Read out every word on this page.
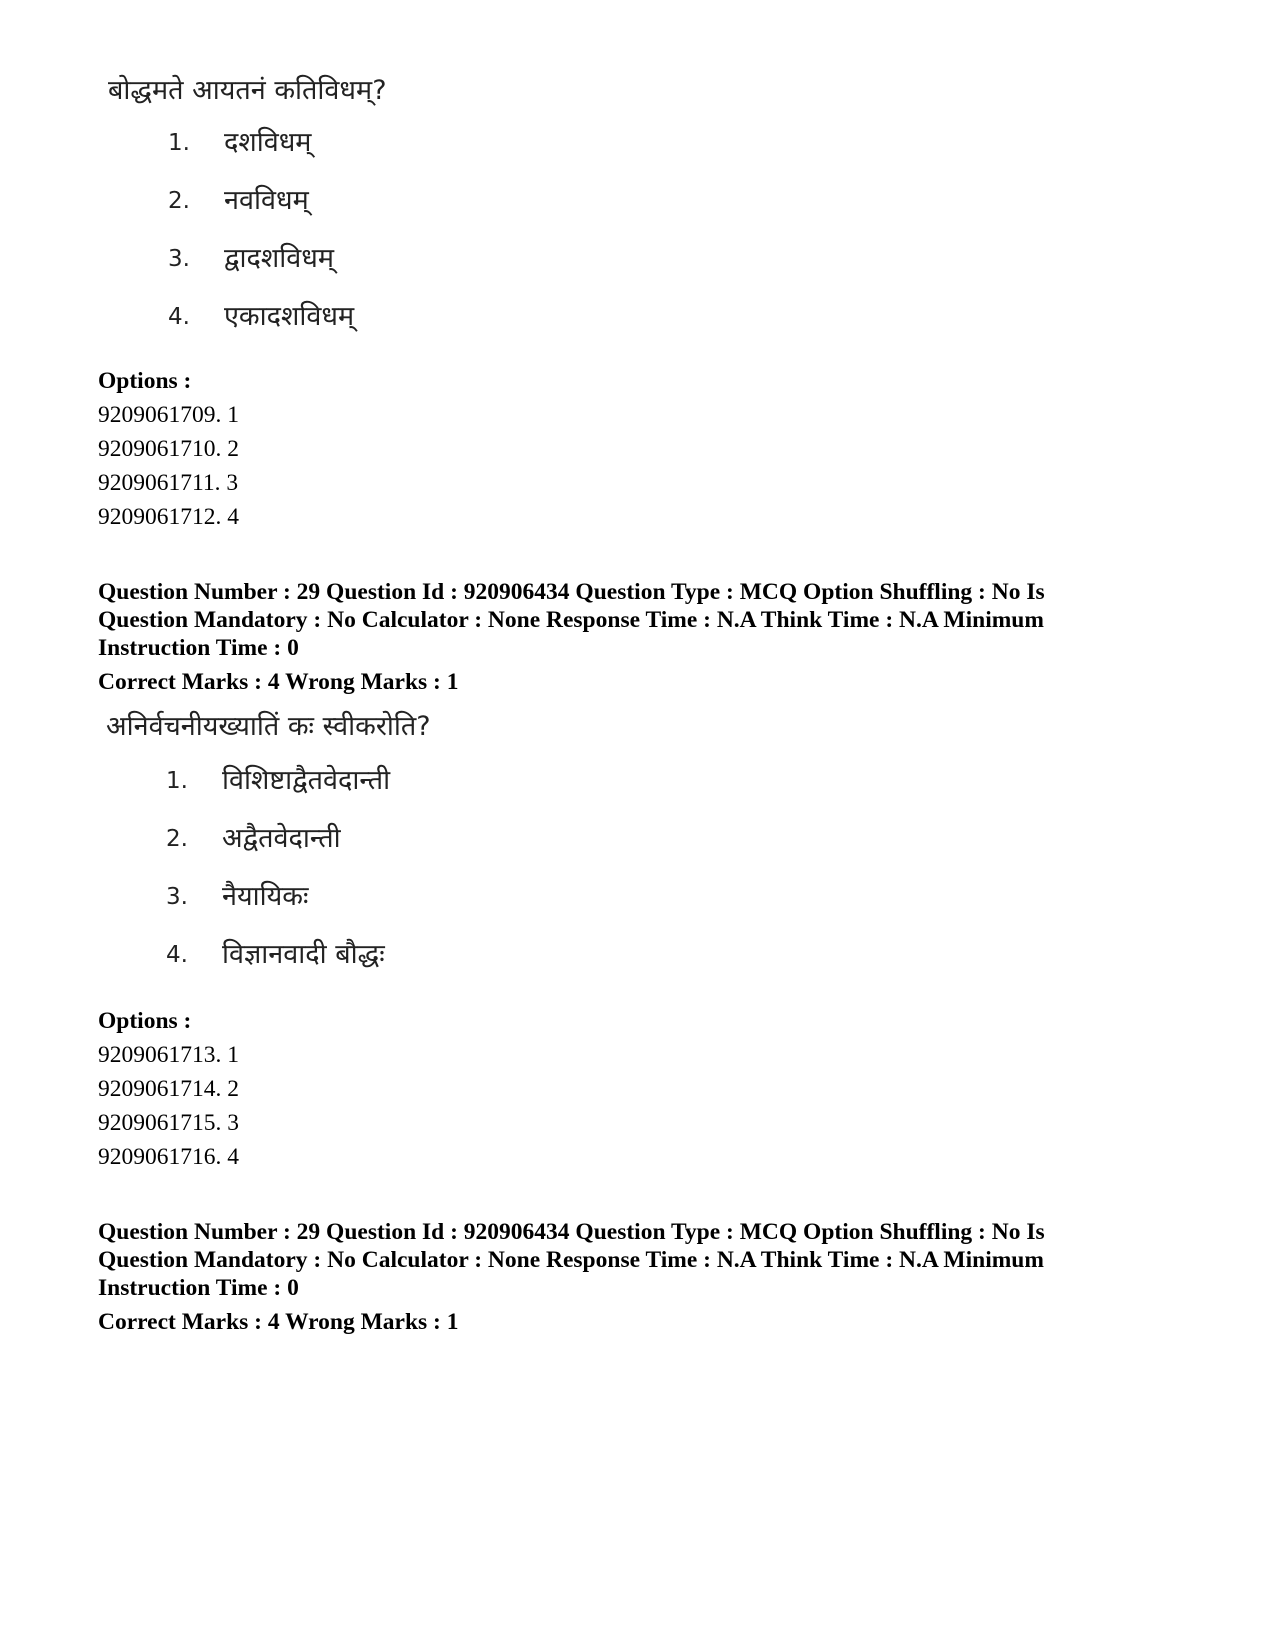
बोद्धमते आयतनं कतिविधम्?
1. दशविधम्
2. नवविधम्
3. द्वादशविधम्
4. एकादशविधम्
Options :
9209061709. 1
9209061710. 2
9209061711. 3
9209061712. 4
Question Number : 29 Question Id : 920906434 Question Type : MCQ Option Shuffling : No Is
Question Mandatory : No Calculator : None Response Time : N.A Think Time : N.A Minimum
Instruction Time : 0
Correct Marks : 4 Wrong Marks : 1
अनिर्वचनीयख्यातिं कः स्वीकरोति?
1. विशिष्टाद्वैतवेदान्ती
2. अद्वैतवेदान्ती
3. नैयायिकः
4. विज्ञानवादी बौद्धः
Options :
9209061713. 1
9209061714. 2
9209061715. 3
9209061716. 4
Question Number : 29 Question Id : 920906434 Question Type : MCQ Option Shuffling : No Is
Question Mandatory : No Calculator : None Response Time : N.A Think Time : N.A Minimum
Instruction Time : 0
Correct Marks : 4 Wrong Marks : 1
